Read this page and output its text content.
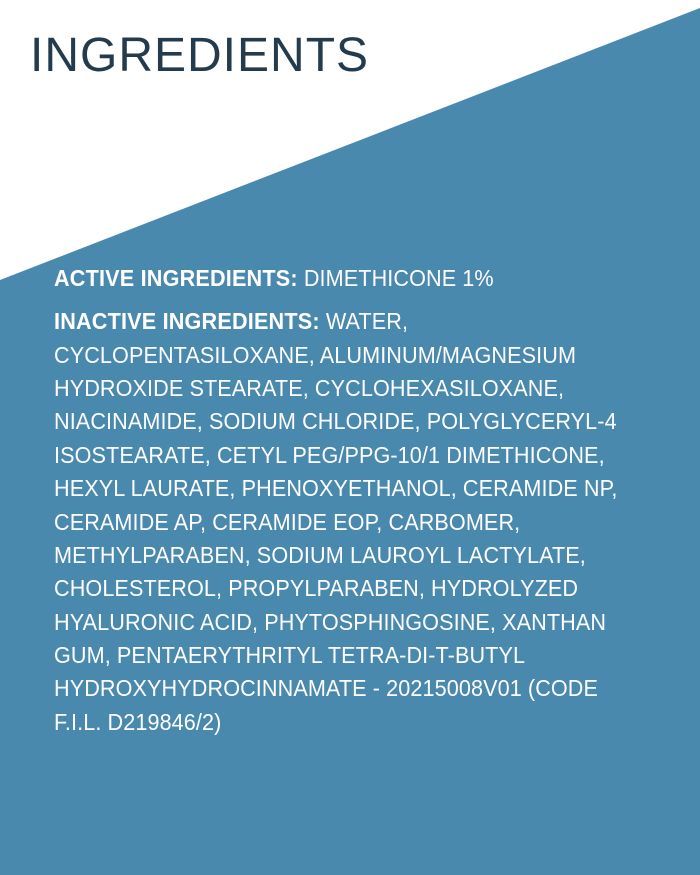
INGREDIENTS
ACTIVE INGREDIENTS: DIMETHICONE 1%
INACTIVE INGREDIENTS: WATER, CYCLOPENTASILOXANE, ALUMINUM/MAGNESIUM HYDROXIDE STEARATE, CYCLOHEXASILOXANE, NIACINAMIDE, SODIUM CHLORIDE, POLYGLYCERYL-4 ISOSTEARATE, CETYL PEG/PPG-10/1 DIMETHICONE, HEXYL LAURATE, PHENOXYETHANOL, CERAMIDE NP, CERAMIDE AP, CERAMIDE EOP, CARBOMER, METHYLPARABEN, SODIUM LAUROYL LACTYLATE, CHOLESTEROL, PROPYLPARABEN, HYDROLYZED HYALURONIC ACID, PHYTOSPHINGOSINE, XANTHAN GUM, PENTAERYTHRITYL TETRA-DI-T-BUTYL HYDROXYHYDROCINNAMATE - 20215008V01 (CODE F.I.L. D219846/2)
